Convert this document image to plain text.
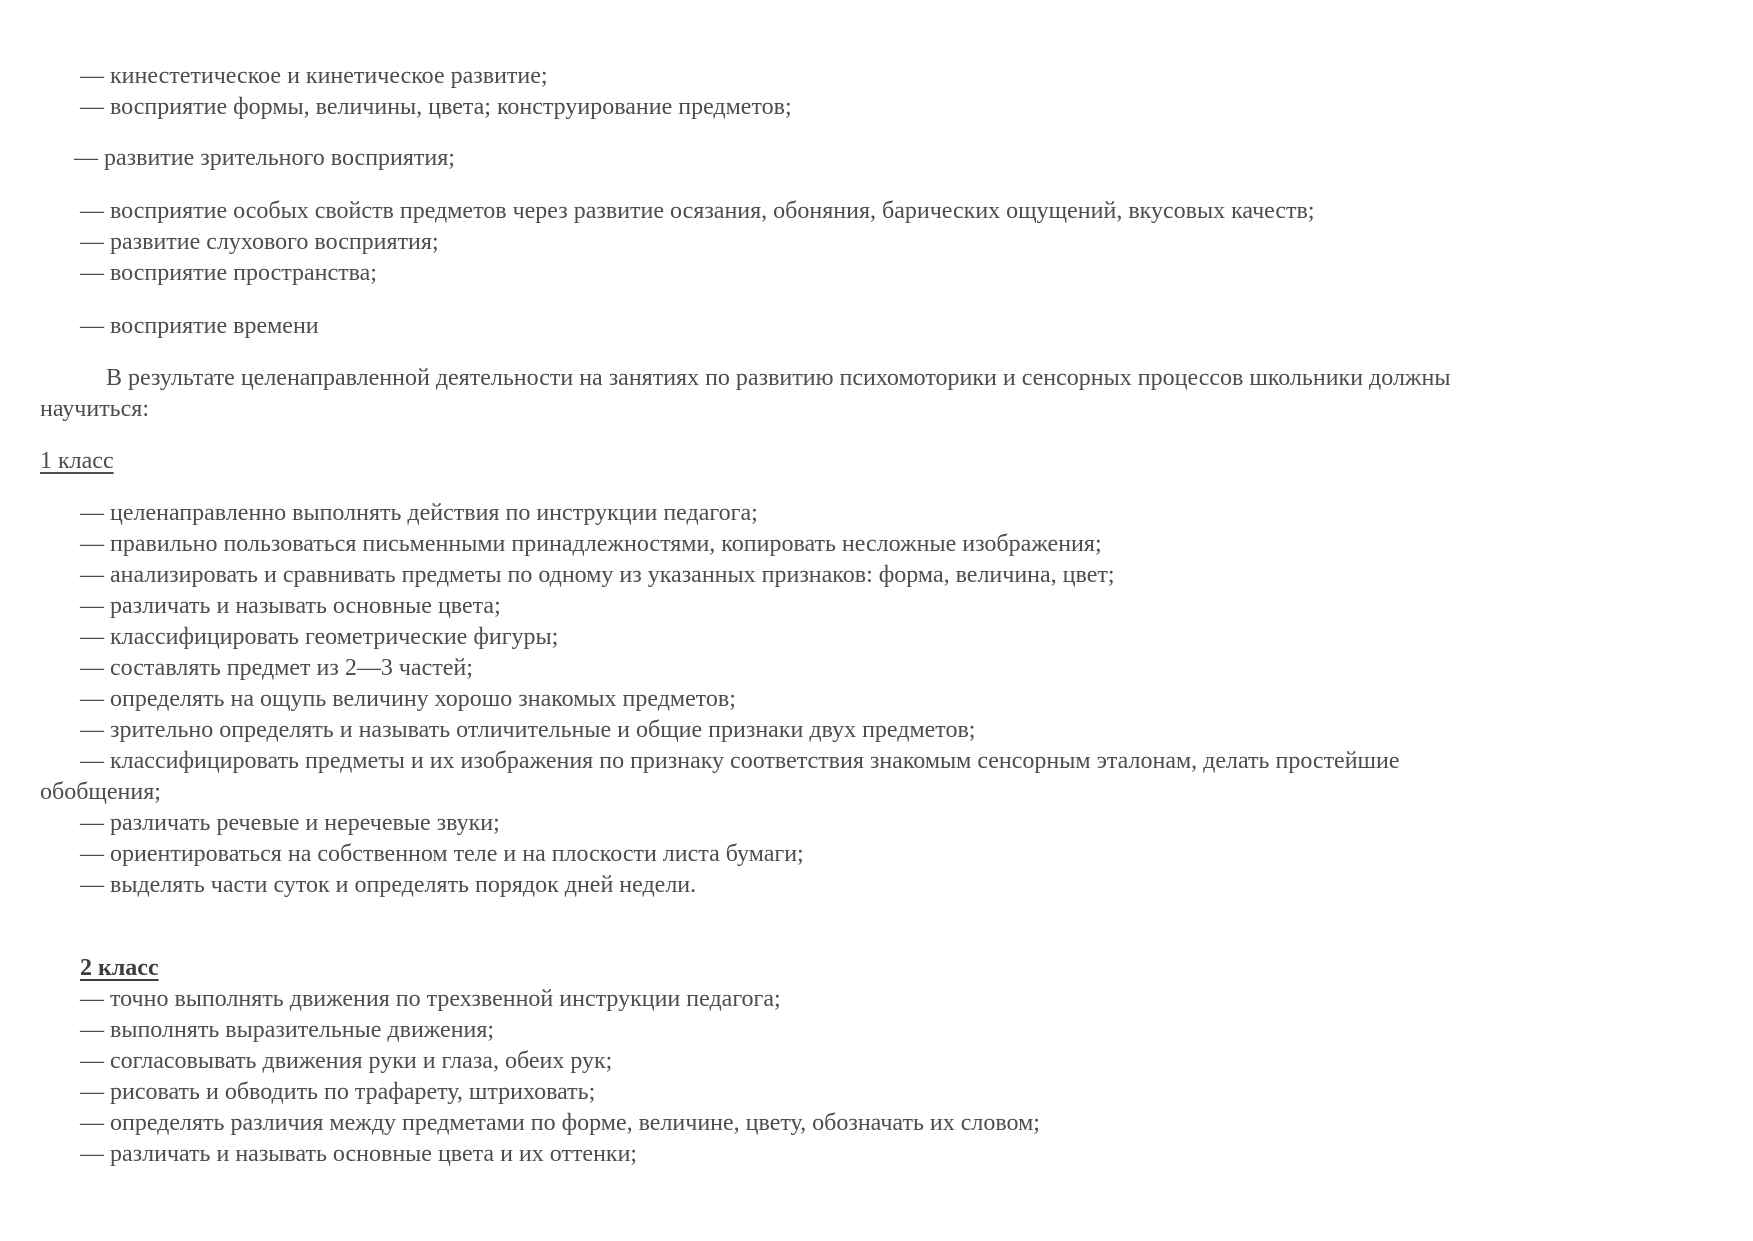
— кинестетическое и кинетическое развитие;
— восприятие формы, величины, цвета; конструирование предметов;
— развитие зрительного восприятия;
— восприятие особых свойств предметов через развитие осязания, обоняния, барических ощущений, вкусовых качеств;
— развитие слухового восприятия;
— восприятие пространства;
— восприятие времени
В результате целенаправленной деятельности на занятиях по развитию психомоторики и сенсорных процессов школьники должны
научиться:
1 класс
— целенаправленно выполнять действия по инструкции педагога;
— правильно пользоваться письменными принадлежностями, копировать несложные изображения;
— анализировать и сравнивать предметы по одному из указанных признаков: форма, величина, цвет;
— различать и называть основные цвета;
— классифицировать геометрические фигуры;
— составлять предмет из 2—3 частей;
— определять на ощупь величину хорошо знакомых предметов;
— зрительно определять и называть отличительные и общие признаки двух предметов;
— классифицировать предметы и их изображения по признаку соответствия знакомым сенсорным эталонам, делать простейшие
обобщения;
— различать речевые и неречевые звуки;
— ориентироваться на собственном теле и на плоскости листа бумаги;
— выделять части суток и определять порядок дней недели.
2 класс
— точно выполнять движения по трехзвенной инструкции педагога;
— выполнять выразительные движения;
— согласовывать движения руки и глаза, обеих рук;
— рисовать и обводить по трафарету, штриховать;
— определять различия между предметами по форме, величине, цвету, обозначать их словом;
— различать и называть основные цвета и их оттенки;
